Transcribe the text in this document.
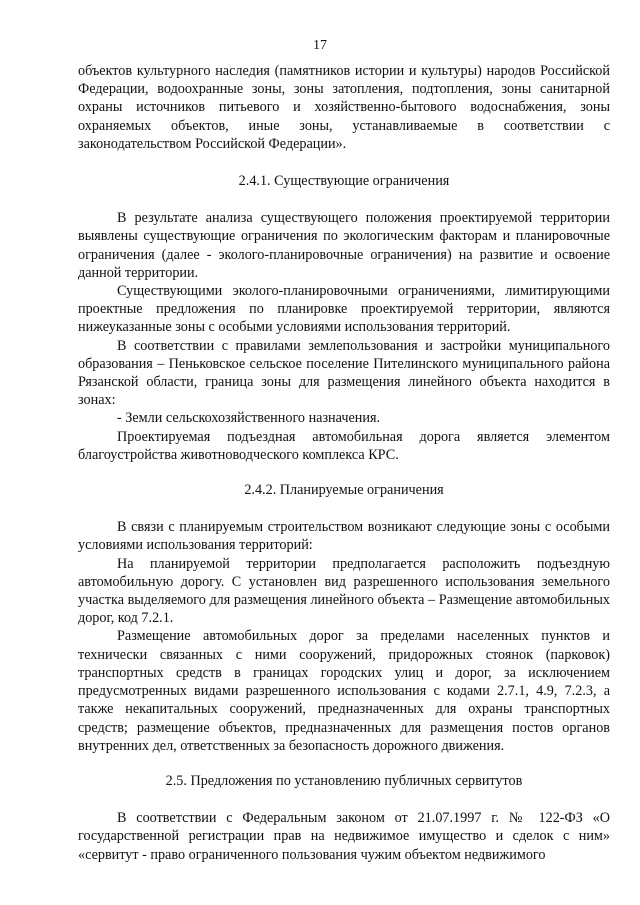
17

объектов культурного наследия (памятников истории и культуры) народов Российской Федерации, водоохранные зоны, зоны затопления, подтопления, зоны санитарной охраны источников питьевого и хозяйственно-бытового водоснабжения, зоны охраняемых объектов, иные зоны, устанавливаемые в соответствии с законодательством Российской Федерации».

2.4.1. Существующие ограничения

В результате анализа существующего положения проектируемой территории выявлены существующие ограничения по экологическим факторам и планировочные ограничения (далее - эколого-планировочные ограничения) на развитие и освоение данной территории.

Существующими эколого-планировочными ограничениями, лимитирующими проектные предложения по планировке проектируемой территории, являются нижеуказанные зоны с особыми условиями использования территорий.

В соответствии с правилами землепользования и застройки муниципального образования – Пеньковское сельское поселение Пителинского муниципального района Рязанской области, граница зоны для размещения линейного объекта находится в зонах:

- Земли сельскохозяйственного назначения.

Проектируемая подъездная автомобильная дорога является элементом благоустройства животноводческого комплекса КРС.

2.4.2. Планируемые ограничения

В связи с планируемым строительством возникают следующие зоны с особыми условиями использования территорий:

На планируемой территории предполагается расположить подъездную автомобильную дорогу. С установлен вид разрешенного использования земельного участка выделяемого для размещения линейного объекта – Размещение автомобильных дорог, код 7.2.1.

Размещение автомобильных дорог за пределами населенных пунктов и технически связанных с ними сооружений, придорожных стоянок (парковок) транспортных средств в границах городских улиц и дорог, за исключением предусмотренных видами разрешенного использования с кодами 2.7.1, 4.9, 7.2.3, а также некапитальных сооружений, предназначенных для охраны транспортных средств; размещение объектов, предназначенных для размещения постов органов внутренних дел, ответственных за безопасность дорожного движения.

2.5. Предложения по установлению публичных сервитутов

В соответствии с Федеральным законом от 21.07.1997 г. № 122-ФЗ «О государственной регистрации прав на недвижимое имущество и сделок с ним» «сервитут - право ограниченного пользования чужим объектом недвижимого
